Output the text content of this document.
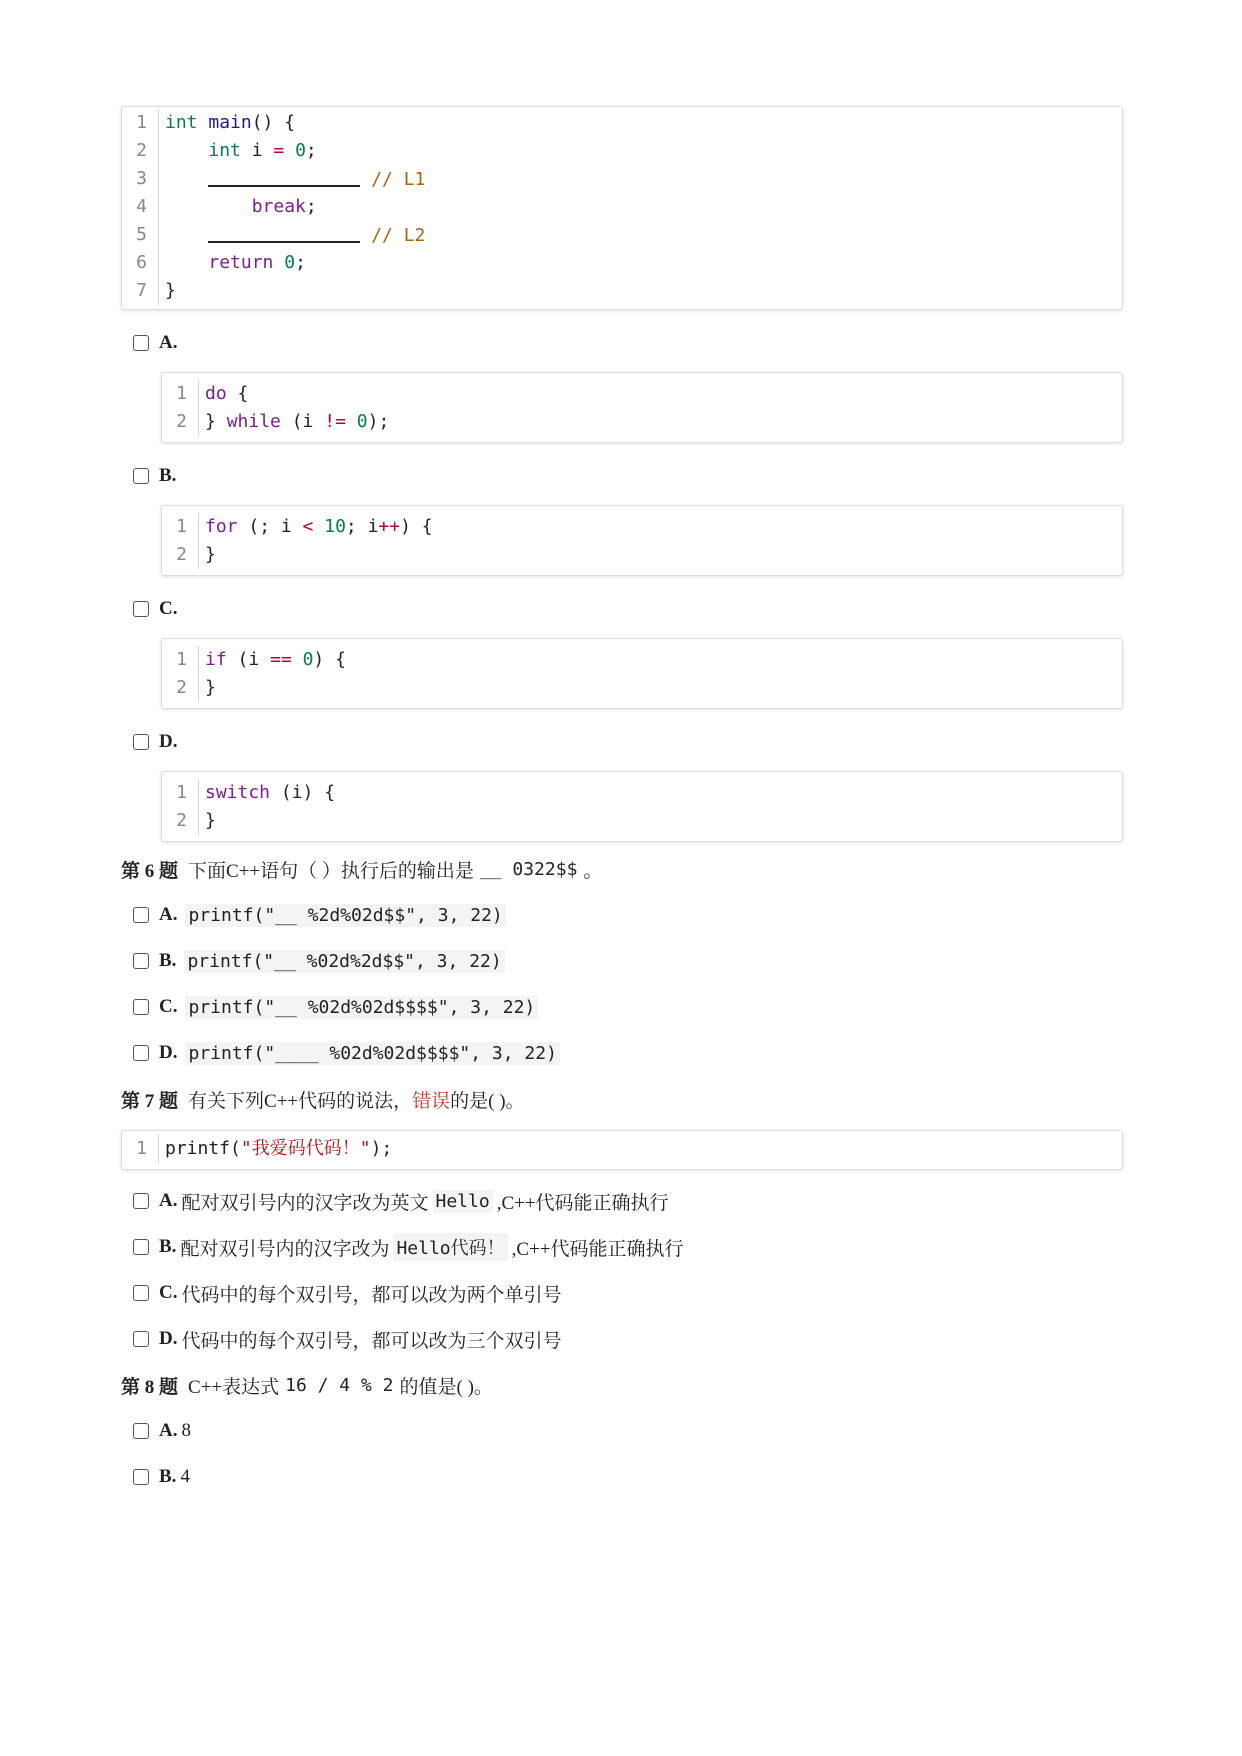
1	int main() {
2	int i = 0;
3	// L1
4	break;
5	// L2
6	return 0;
7	}
A.
1	do {
2	} while (i != 0);
B.
1	for (; i < 10; i++) {
2	}
C.
1	if (i == 0) {
2	}
D.
1	switch (i) {
2	}
第 6 题 下面C++语句（ ）执行后的输出是 __ 0322$$ 。
A. printf("__ %2d%02d$$", 3, 22)
B. printf("__ %02d%2d$$", 3, 22)
C. printf("__ %02d%02d$$$$", 3, 22)
D. printf("____ %02d%02d$$$$", 3, 22)
第 7 题 有关下列C++代码的说法， 错误 的是( )。
1	printf("我爱码代码！");
A. 配对双引号内的汉字改为英文 Hello ,C++代码能正确执行
B. 配对双引号内的汉字改为 Hello代码！ ,C++代码能正确执行
C. 代码中的每个双引号，都可以改为两个单引号
D. 代码中的每个双引号，都可以改为三个双引号
第 8 题 C++表达式 16 / 4 % 2 的值是( )。
A. 8
B. 4
